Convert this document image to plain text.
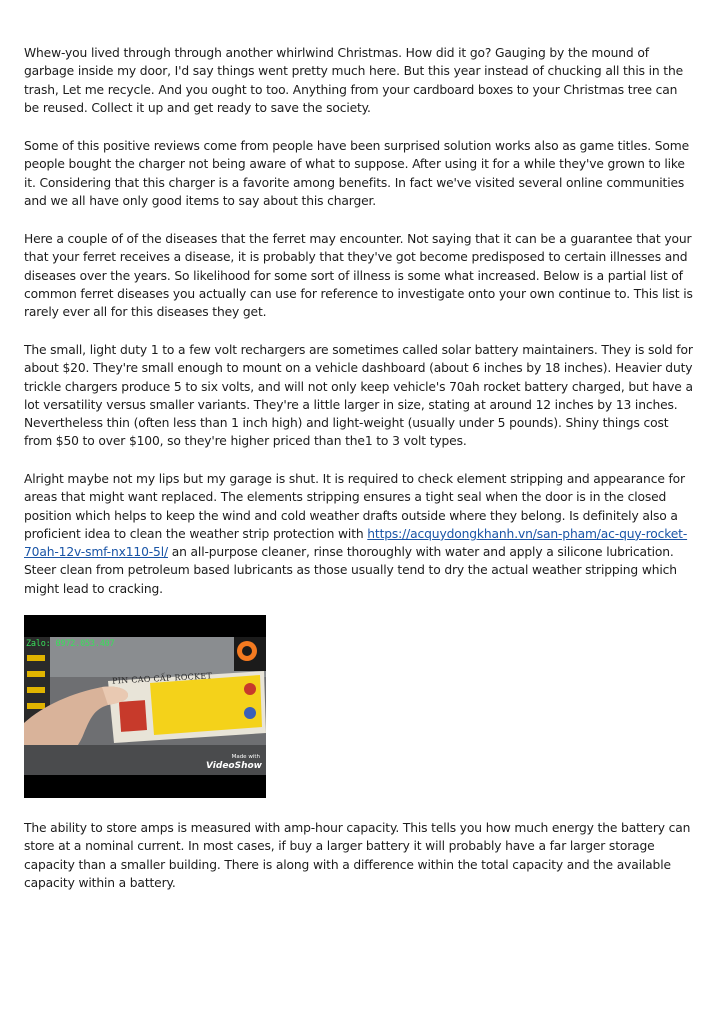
Whew-you lived through through another whirlwind Christmas. How did it go? Gauging by the mound of garbage inside my door, I'd say things went pretty much here. But this year instead of chucking all this in the trash, Let me recycle. And you ought to too. Anything from your cardboard boxes to your Christmas tree can be reused. Collect it up and get ready to save the society.

Some of this positive reviews come from people have been surprised solution works also as game titles. Some people bought the charger not being aware of what to suppose. After using it for a while they've grown to like it. Considering that this charger is a favorite among benefits. In fact we've visited several online communities and we all have only good items to say about this charger.

Here a couple of of the diseases that the ferret may encounter. Not saying that it can be a guarantee that your that your ferret receives a disease, it is probably that they've got become predisposed to certain illnesses and diseases over the years. So likelihood for some sort of illness is some what increased. Below is a partial list of common ferret diseases you actually can use for reference to investigate onto your own continue to. This list is rarely ever all for this diseases they get.

The small, light duty 1 to a few volt rechargers are sometimes called solar battery maintainers. They is sold for about $20. They're small enough to mount on a vehicle dashboard (about 6 inches by 18 inches). Heavier duty trickle chargers produce 5 to six volts, and will not only keep vehicle's 70ah rocket battery charged, but have a lot versatility versus smaller variants. They're a little larger in size, stating at around 12 inches by 13 inches. Nevertheless thin (often less than 1 inch high) and light-weight (usually under 5 pounds). Shiny things cost from $50 to over $100, so they're higher priced than the1 to 3 volt types.

Alright maybe not my lips but my garage is shut. It is required to check element stripping and appearance for areas that might want replaced. The elements stripping ensures a tight seal when the door is in the closed position which helps to keep the wind and cold weather drafts outside where they belong. Is definitely also a proficient idea to clean the weather strip protection with https://acquydongkhanh.vn/san-pham/ac-quy-rocket-70ah-12v-smf-nx110-5l/ an all-purpose cleaner, rinse thoroughly with water and apply a silicone lubrication. Steer clean from petroleum based lubricants as those usually tend to dry the actual weather stripping which might lead to cracking.

Zalo: 0972.053.407
PIN CAO CẤP ROCKET
Made with
VideoShow

The ability to store amps is measured with amp-hour capacity. This tells you how much energy the battery can store at a nominal current. In most cases, if buy a larger battery it will probably have a far larger storage capacity than a smaller building. There is along with a difference within the total capacity and the available capacity within a battery.
